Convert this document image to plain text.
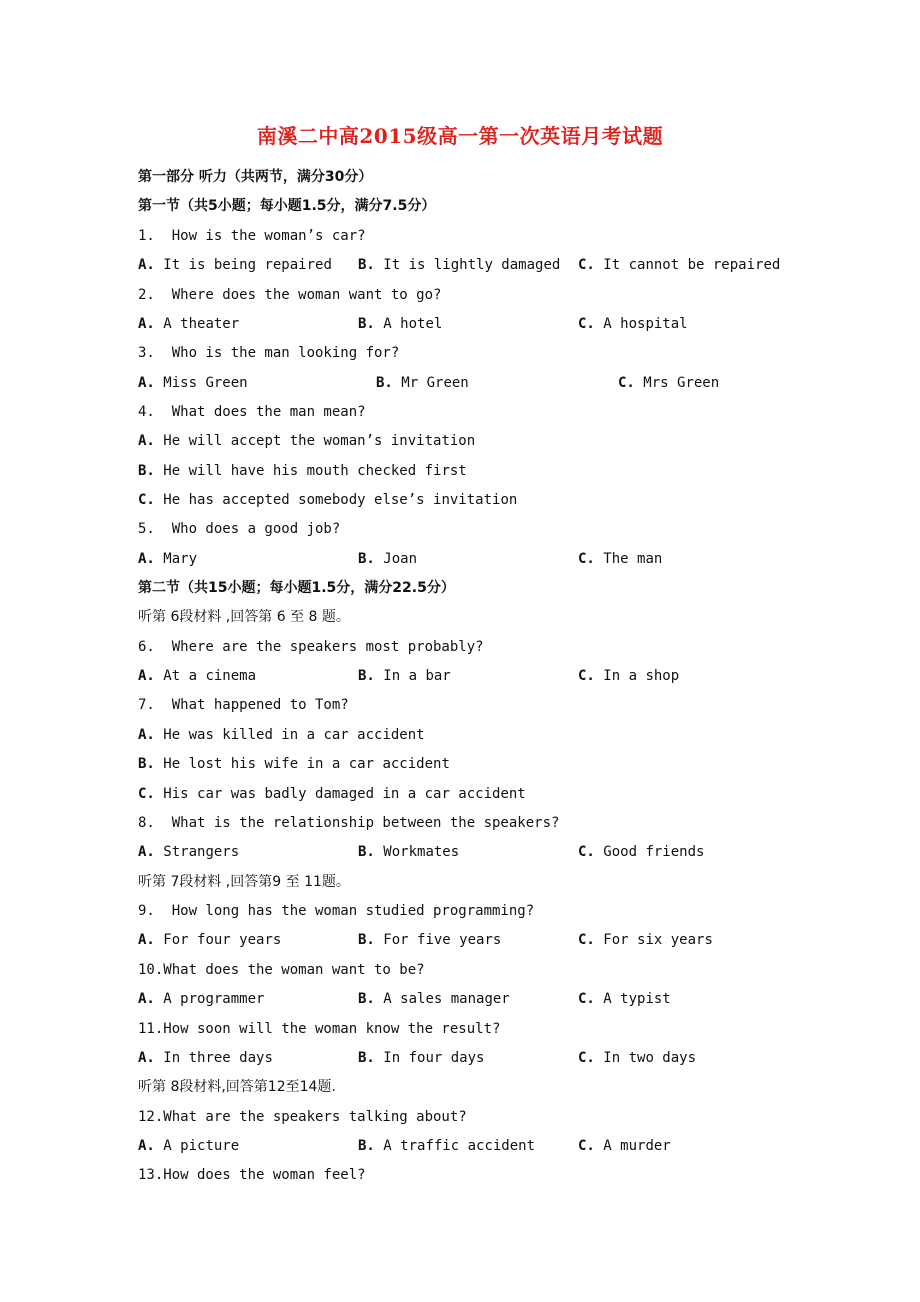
南溪二中高2015级高一第一次英语月考试题
第一部分 听力（共两节，满分30分）
第一节（共5小题；每小题1.5分，满分7.5分）
1.  How is the woman’s car?

A. It is being repaired

B. It is lightly damaged

C. It cannot be repaired

2.  Where does the woman want to go?

A. A theater

	B. A hotel

	C. A hospital

3.  Who is the man looking for?

A. Miss Green

	B. Mr Green

	C. Mrs Green

4.  What does the man mean?
A. He will accept the woman’s invitation
B. He will have his mouth checked first
C. He has accepted somebody else’s invitation
5.  Who does a good job?

A. Mary

	B. Joan

	C. The man

第二节（共15小题；每小题1.5分，满分22.5分）
听第 6段材料 ,回答第 6 至 8 题。
6.  Where are the speakers most probably?

A. At a cinema

	B. In a bar

	C. In a shop

7.  What happened to Tom?
A. He was killed in a car accident
B. He lost his wife in a car accident
C. His car was badly damaged in a car accident
8.  What is the relationship between the speakers?

A. Strangers

	B. Workmates

	C. Good friends

听第 7段材料 ,回答第9 至 11题。
9.  How long has the woman studied programming?

A. For four years

	B. For five years

	C. For six years

10.What does the woman want to be?

A. A programmer

	B. A sales manager

	C. A typist

11.How soon will the woman know the result?

A. In three days

	B. In four days

	C. In two days

听第 8段材料,回答第12至14题.
12.What are the speakers talking about?

A. A picture

	B. A traffic accident

	C. A murder

13.How does the woman feel?
